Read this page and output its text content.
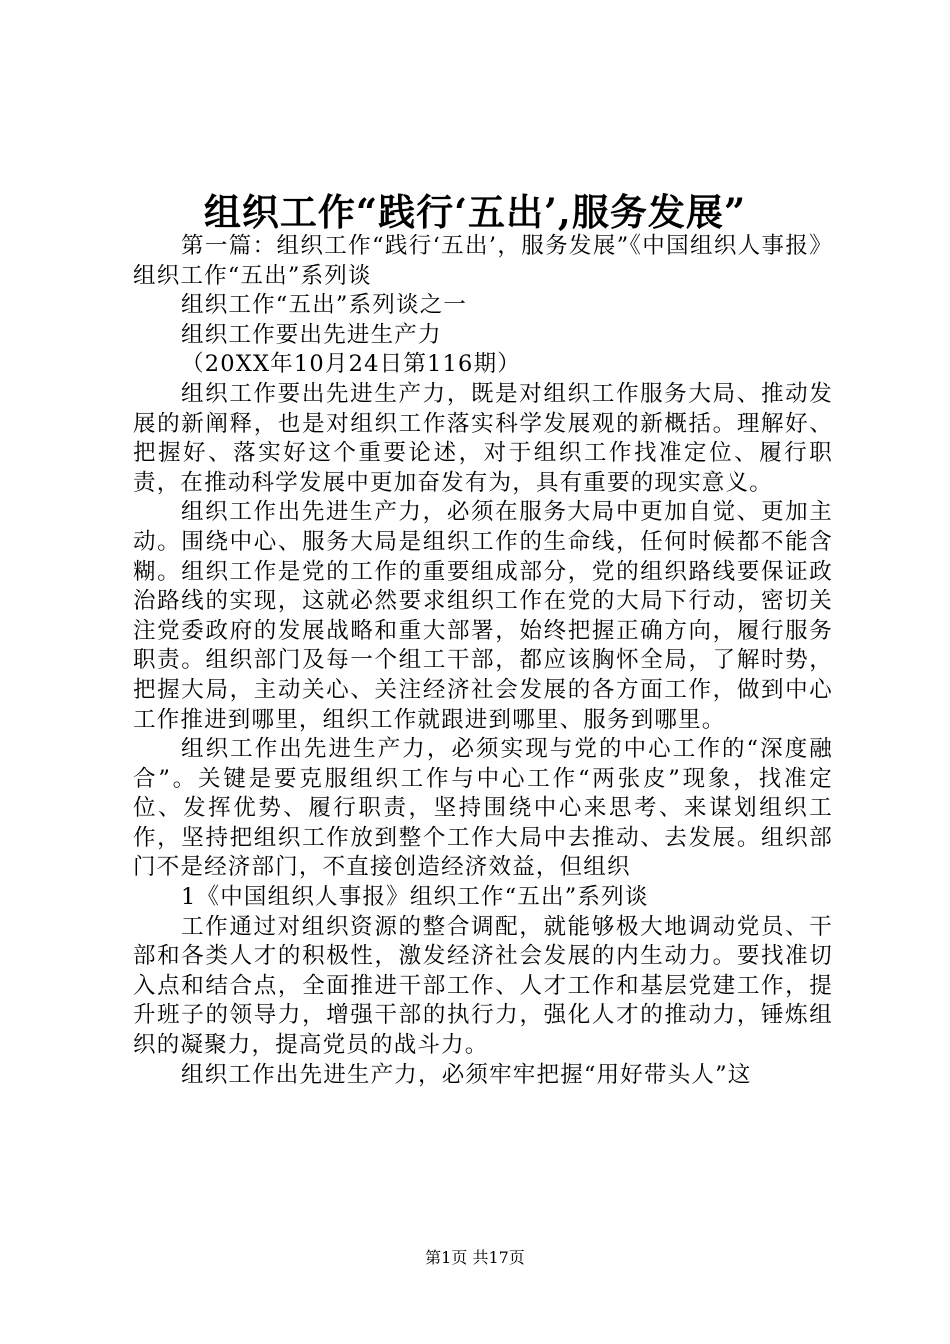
组织工作“践行‘五出’,服务发展”

第一篇：组织工作“践行‘五出’，服务发展”《中国组织人事报》组织工作“五出”系列谈

组织工作“五出”系列谈之一

组织工作要出先进生产力

（20XX年10月24日第116期）

组织工作要出先进生产力，既是对组织工作服务大局、推动发展的新阐释，也是对组织工作落实科学发展观的新概括。理解好、把握好、落实好这个重要论述，对于组织工作找准定位、履行职责，在推动科学发展中更加奋发有为，具有重要的现实意义。

组织工作出先进生产力，必须在服务大局中更加自觉、更加主动。围绕中心、服务大局是组织工作的生命线，任何时候都不能含糊。组织工作是党的工作的重要组成部分，党的组织路线要保证政治路线的实现，这就必然要求组织工作在党的大局下行动，密切关注党委政府的发展战略和重大部署，始终把握正确方向，履行服务职责。组织部门及每一个组工干部，都应该胸怀全局，了解时势，把握大局，主动关心、关注经济社会发展的各方面工作，做到中心工作推进到哪里，组织工作就跟进到哪里、服务到哪里。

组织工作出先进生产力，必须实现与党的中心工作的“深度融合”。关键是要克服组织工作与中心工作“两张皮”现象，找准定位、发挥优势、履行职责，坚持围绕中心来思考、来谋划组织工作，坚持把组织工作放到整个工作大局中去推动、去发展。组织部门不是经济部门，不直接创造经济效益，但组织

1《中国组织人事报》组织工作“五出”系列谈

工作通过对组织资源的整合调配，就能够极大地调动党员、干部和各类人才的积极性，激发经济社会发展的内生动力。要找准切入点和结合点，全面推进干部工作、人才工作和基层党建工作，提升班子的领导力，增强干部的执行力，强化人才的推动力，锤炼组织的凝聚力，提高党员的战斗力。

组织工作出先进生产力，必须牢牢把握“用好带头人”这

第1页 共17页
